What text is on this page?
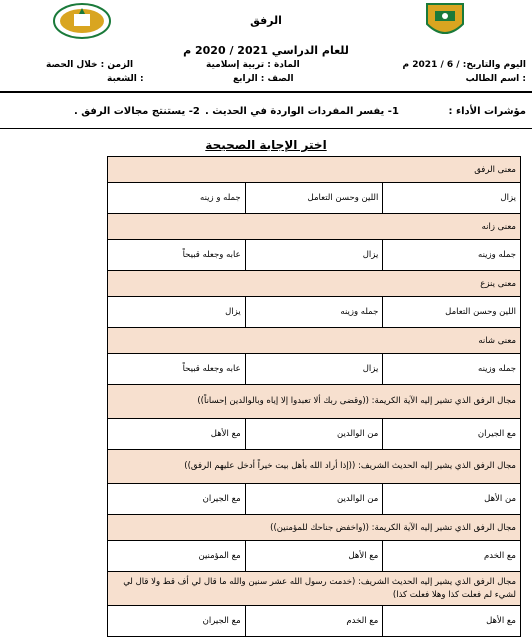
الرفق
للعام الدراسي 2021 / 2020 م
اليوم والتاريخ: / 6 / 2021 م
اسم الطالب :
المادة : تربية إسلامية
الصف : الرابع
الزمن : خلال الحصة
الشعبة :
مؤشرات الأداء :
1- يفسر المفردات الواردة في الحديث .
2- يستنتج مجالات الرفق .
اختر الإجابة الصحيحة
معنى الرفق		
يزال	اللين وحسن التعامل	جمله و زينه
معنى زانه		
جمله وزينه	يزال	عابه وجعله قبيحاً
معنى ينزع		
اللين وحسن التعامل	جمله وزينه	يزال
معنى شانه		
جمله وزينه	يزال	عابه وجعله قبيحاً
مجال الرفق الذي تشير إليه الآية الكريمة: ((وقضى ربك ألا تعبدوا إلا إياه وبالوالدين إحساناً))		
مع الجيران	من الوالدين	مع الأهل
مجال الرفق الذي يشير إليه الحديث الشريف: ((إذا أراد الله بأهل بيت خيراً أدخل عليهم الرفق))		
من الأهل	من الوالدين	مع الجيران
مجال الرفق الذي تشير إليه الآية الكريمة: ((واخفض جناحك للمؤمنين))		
مع الخدم	مع الأهل	مع المؤمنين
مجال الرفق الذي يشير إليه الحديث الشريف: (خدمت رسول الله عشر سنين والله ما قال لي أف قط ولا قال لي لشيء لم فعلت كذا وهلا فعلت كذا)		
مع الأهل	مع الخدم	مع الجيران
